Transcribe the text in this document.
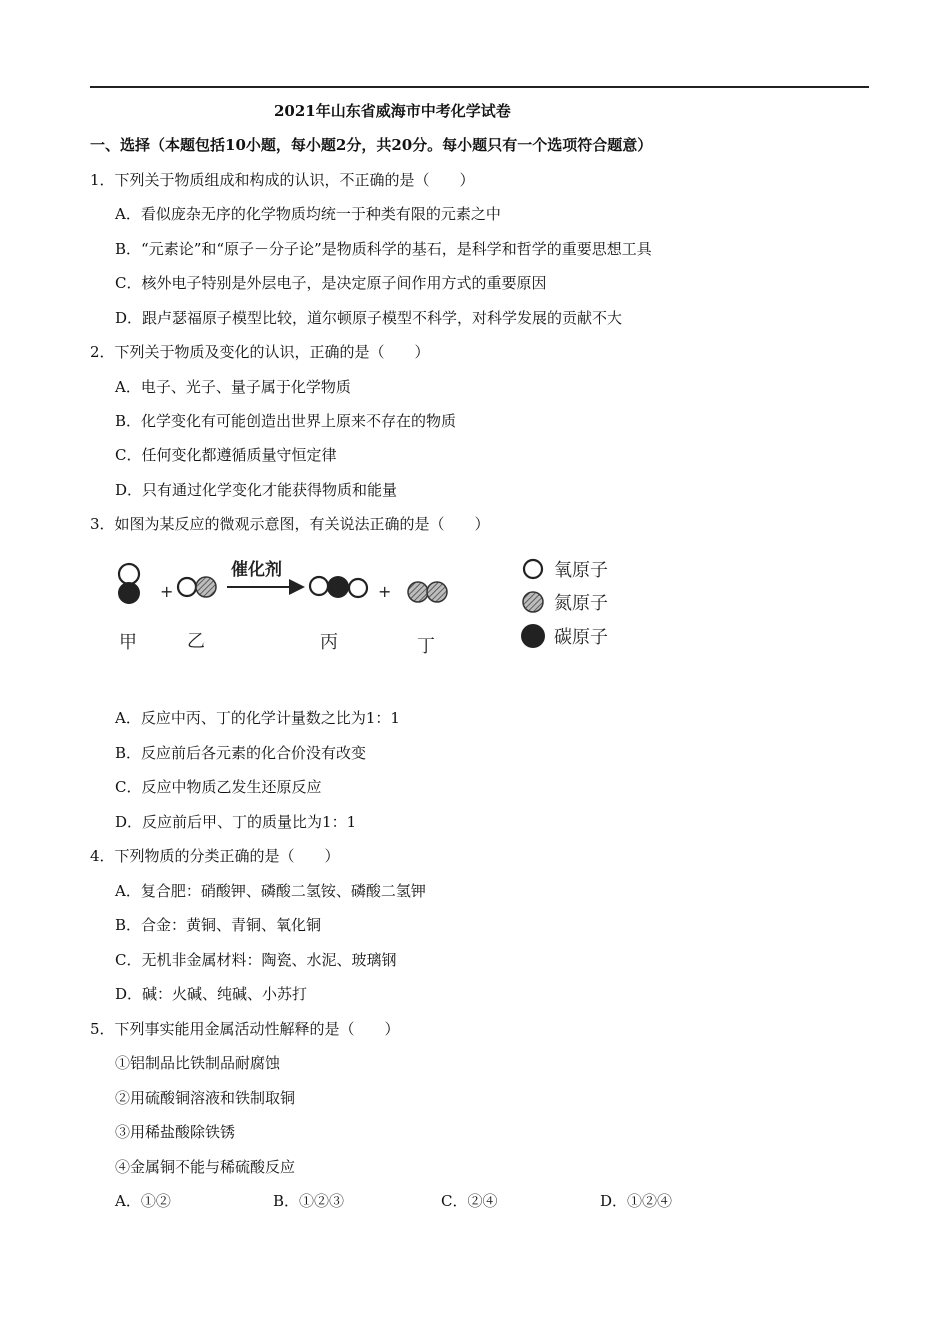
2021年山东省威海市中考化学试卷
一、选择（本题包括10小题，每小题2分，共20分。每小题只有一个选项符合题意）
1．下列关于物质组成和构成的认识，不正确的是（　　）
A．看似庞杂无序的化学物质均统一于种类有限的元素之中
B．“元素论”和“原子－分子论”是物质科学的基石，是科学和哲学的重要思想工具
C．核外电子特别是外层电子，是决定原子间作用方式的重要原因
D．跟卢瑟福原子模型比较，道尔顿原子模型不科学，对科学发展的贡献不大
2．下列关于物质及变化的认识，正确的是（　　）
A．电子、光子、量子属于化学物质
B．化学变化有可能创造出世界上原来不存在的物质
C．任何变化都遵循质量守恒定律
D．只有通过化学变化才能获得物质和能量
3．如图为某反应的微观示意图，有关说法正确的是（　　）
+
催化剂
+
甲	乙	丙	丁
氧原子
氮原子
碳原子
A．反应中丙、丁的化学计量数之比为1：1
B．反应前后各元素的化合价没有改变
C．反应中物质乙发生还原反应
D．反应前后甲、丁的质量比为1：1
4．下列物质的分类正确的是（　　）
A．复合肥：硝酸钾、磷酸二氢铵、磷酸二氢钾
B．合金：黄铜、青铜、氧化铜
C．无机非金属材料：陶瓷、水泥、玻璃钢
D．碱：火碱、纯碱、小苏打
5．下列事实能用金属活动性解释的是（　　）
①铝制品比铁制品耐腐蚀
②用硫酸铜溶液和铁制取铜
③用稀盐酸除铁锈
④金属铜不能与稀硫酸反应
A．①②	B．①②③	C．②④	D．①②④
